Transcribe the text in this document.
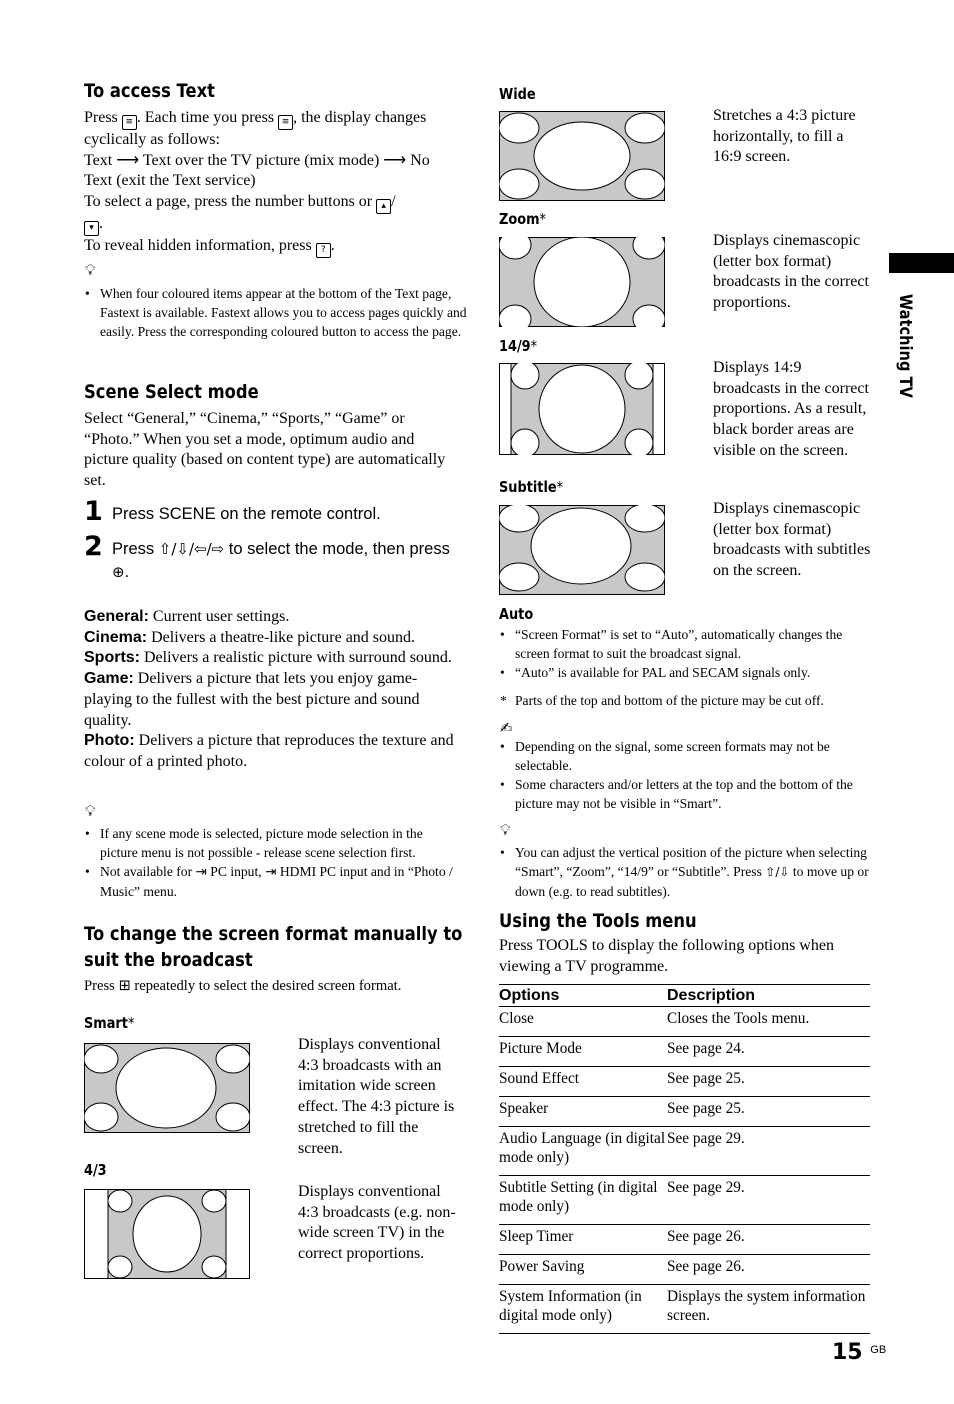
To access Text
Press ≡ . Each time you press ≡ , the display changes cyclically as follows:
Text ⟶ Text over the TV picture (mix mode) ⟶ No Text (exit the Text service)
To select a page, press the number buttons or ▴ /
▾ .
To reveal hidden information, press ? .
💡︎
• When four coloured items appear at the bottom of the Text page, Fastext is available. Fastext allows you to access pages quickly and easily. Press the corresponding coloured button to access the page.
Scene Select mode
Select “General,” “Cinema,” “Sports,” “Game” or “Photo.” When you set a mode, optimum audio and picture quality (based on content type) are automatically set.
1 Press SCENE on the remote control.
2 Press ⇧/⇩/⇦/⇨ to select the mode, then press ⊕.
General: Current user settings.
Cinema: Delivers a theatre-like picture and sound.
Sports: Delivers a realistic picture with surround sound.
Game: Delivers a picture that lets you enjoy game-playing to the fullest with the best picture and sound quality.
Photo: Delivers a picture that reproduces the texture and colour of a printed photo.
💡︎
• If any scene mode is selected, picture mode selection in the picture menu is not possible - release scene selection first.
• Not available for ⇥ PC input, ⇥ HDMI PC input and in “Photo / Music” menu.
To change the screen format manually to
suit the broadcast
Press ⊞ repeatedly to select the desired screen format.
Smart*
Displays conventional 4:3 broadcasts with an imitation wide screen effect. The 4:3 picture is stretched to fill the screen.
4/3
Displays conventional 4:3 broadcasts (e.g. non-wide screen TV) in the correct proportions.
Wide
Stretches a 4:3 picture horizontally, to fill a 16:9 screen.
Zoom*
Displays cinemascopic (letter box format) broadcasts in the correct proportions.
14/9*
Displays 14:9 broadcasts in the correct proportions. As a result, black border areas are visible on the screen.
Subtitle*
Displays cinemascopic (letter box format) broadcasts with subtitles on the screen.
Auto
• “Screen Format” is set to “Auto”, automatically changes the screen format to suit the broadcast signal.
• “Auto” is available for PAL and SECAM signals only.
* Parts of the top and bottom of the picture may be cut off.
✍︎
• Depending on the signal, some screen formats may not be selectable.
• Some characters and/or letters at the top and the bottom of the picture may not be visible in “Smart”.
💡︎
• You can adjust the vertical position of the picture when selecting “Smart”, “Zoom”, “14/9” or “Subtitle”. Press ⇧/⇩ to move up or down (e.g. to read subtitles).
Using the Tools menu
Press TOOLS to display the following options when viewing a TV programme.
Options	Description
Close	Closes the Tools menu.
Picture Mode	See page 24.
Sound Effect	See page 25.
Speaker	See page 25.
Audio Language (in digital mode only)	See page 29.
Subtitle Setting (in digital mode only)	See page 29.
Sleep Timer	See page 26.
Power Saving	See page 26.
System Information (in digital mode only)	Displays the system information screen.
Watching TV
15 $^{GB}$
